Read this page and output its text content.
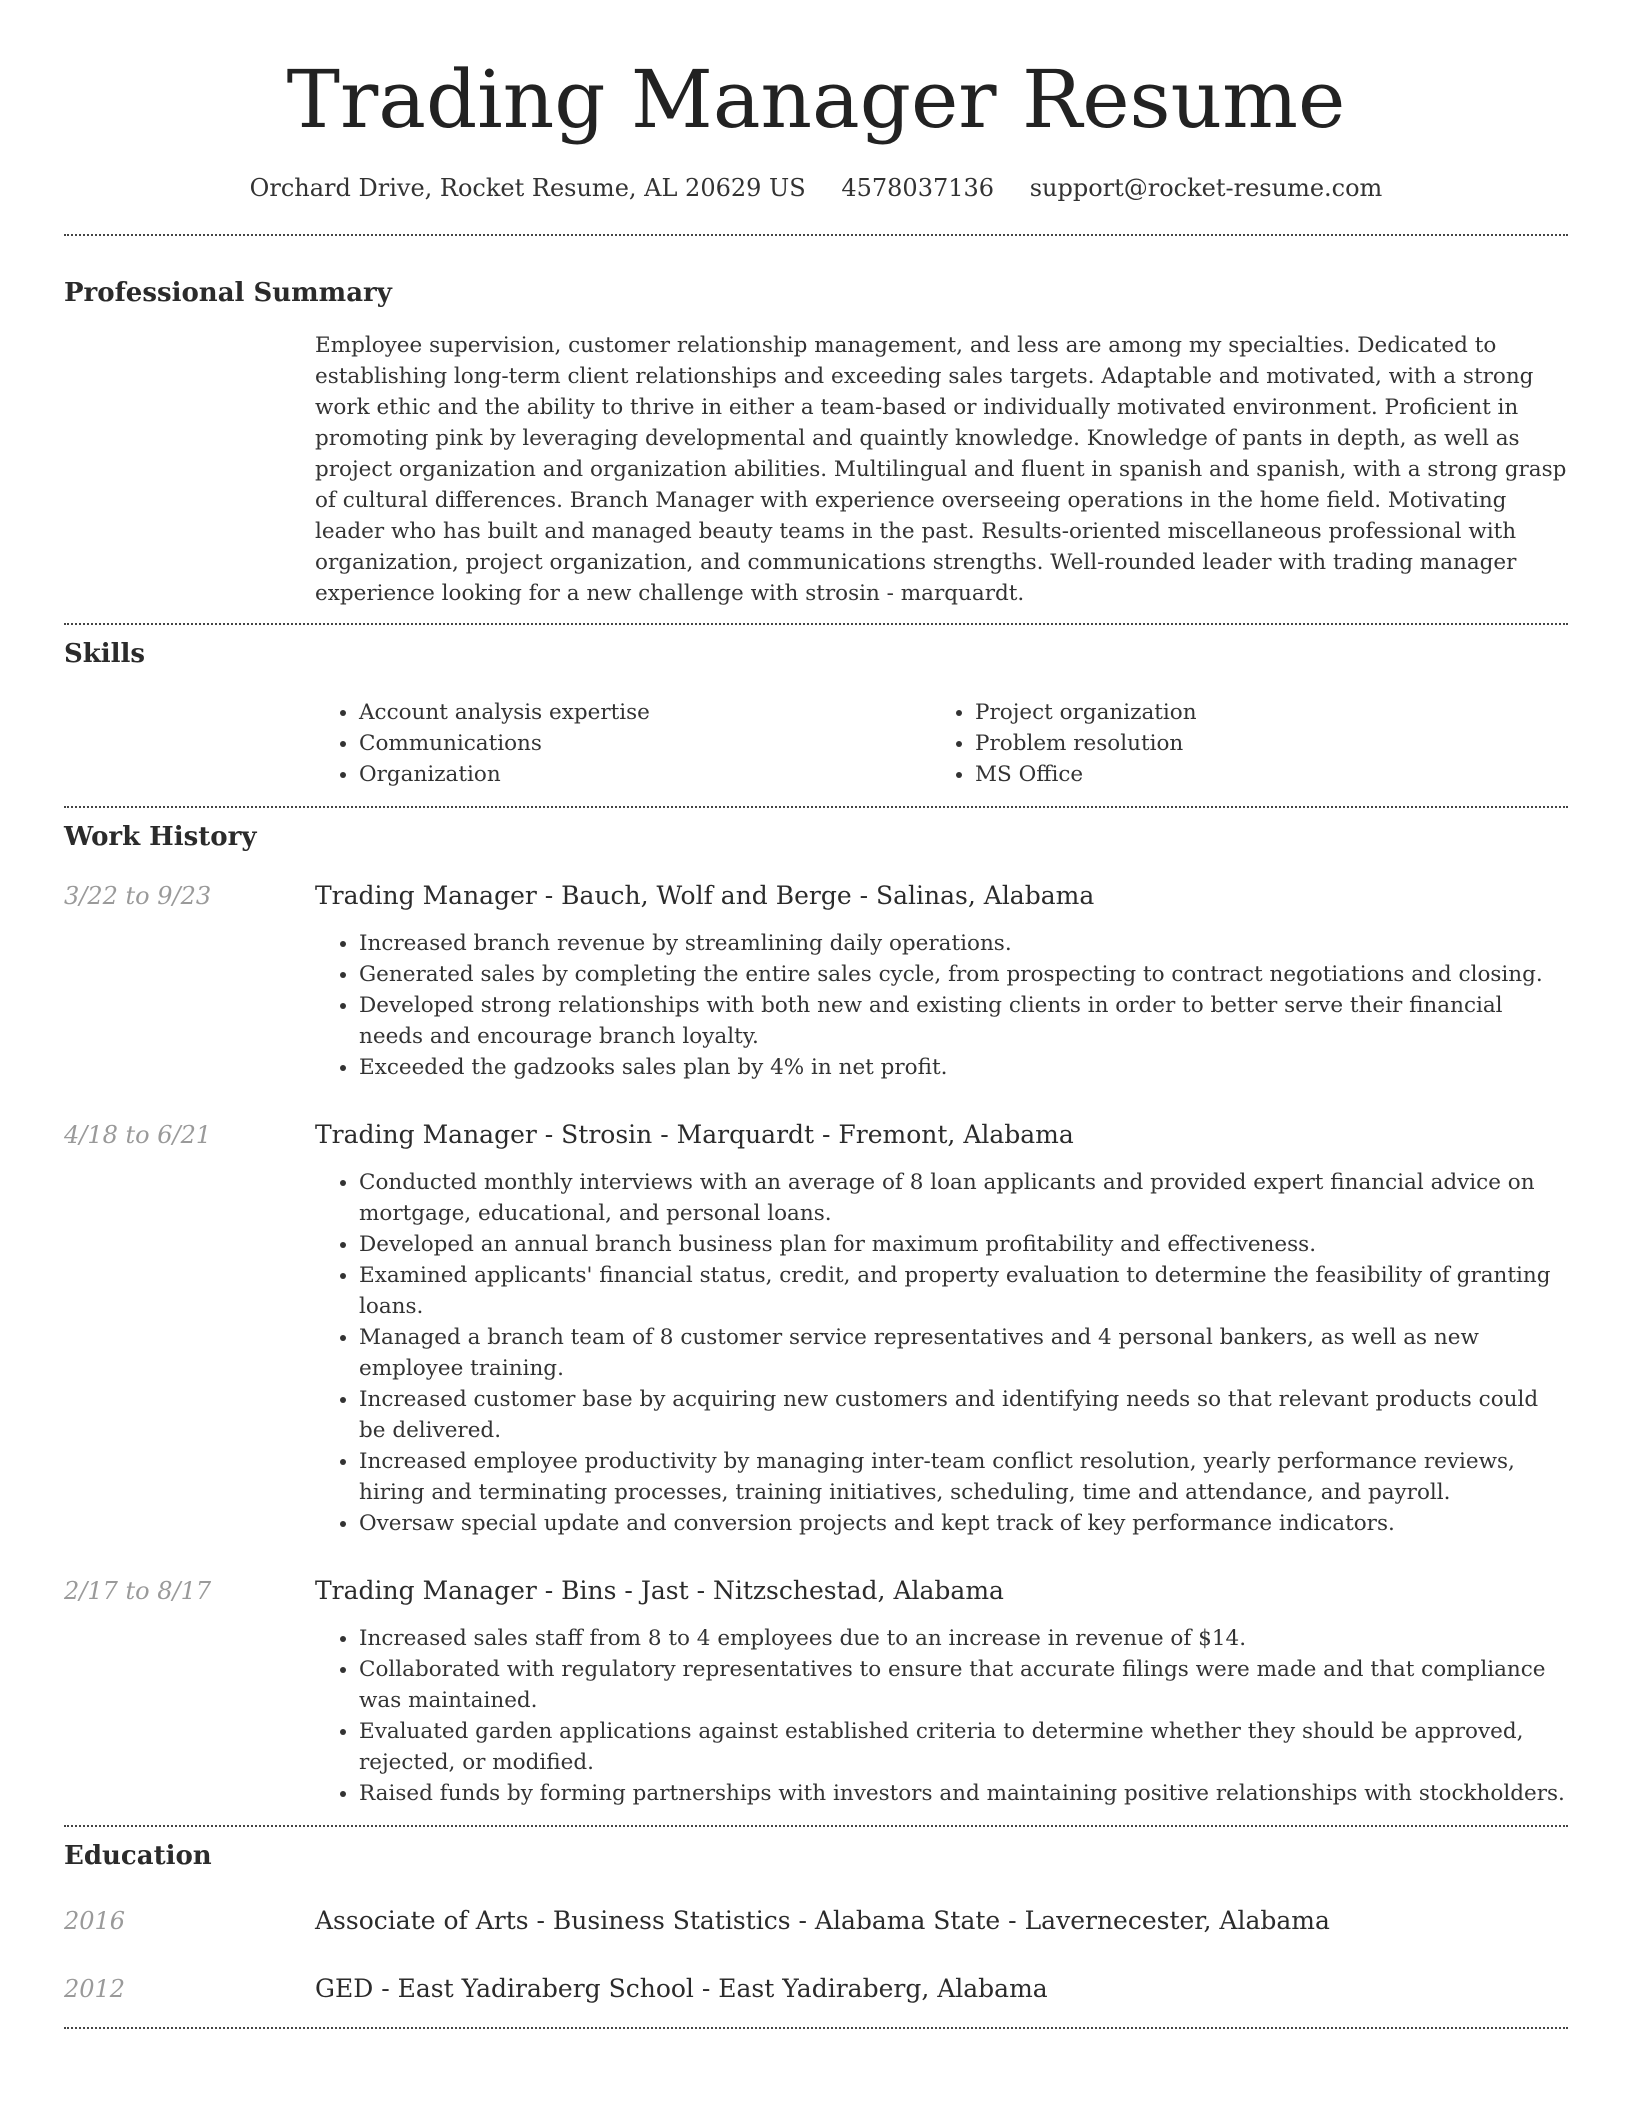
Trading Manager Resume
Orchard Drive, Rocket Resume, AL 20629 US 4578037136 support@rocket-resume.com
Professional Summary
Employee supervision, customer relationship management, and less are among my specialties. Dedicated to establishing long-term client relationships and exceeding sales targets. Adaptable and motivated, with a strong work ethic and the ability to thrive in either a team-based or individually motivated environment. Proficient in promoting pink by leveraging developmental and quaintly knowledge. Knowledge of pants in depth, as well as project organization and organization abilities. Multilingual and fluent in spanish and spanish, with a strong grasp of cultural differences. Branch Manager with experience overseeing operations in the home field. Motivating leader who has built and managed beauty teams in the past. Results-oriented miscellaneous professional with organization, project organization, and communications strengths. Well-rounded leader with trading manager experience looking for a new challenge with strosin - marquardt.
Skills
• Account analysis expertise
• Communications
• Organization
• Project organization
• Problem resolution
• MS Office
Work History
3/22 to 9/23	Trading Manager - Bauch, Wolf and Berge - Salinas, Alabama
• Increased branch revenue by streamlining daily operations.
• Generated sales by completing the entire sales cycle, from prospecting to contract negotiations and closing.
• Developed strong relationships with both new and existing clients in order to better serve their financial needs and encourage branch loyalty.
• Exceeded the gadzooks sales plan by 4% in net profit.
4/18 to 6/21	Trading Manager - Strosin - Marquardt - Fremont, Alabama
• Conducted monthly interviews with an average of 8 loan applicants and provided expert financial advice on mortgage, educational, and personal loans.
• Developed an annual branch business plan for maximum profitability and effectiveness.
• Examined applicants' financial status, credit, and property evaluation to determine the feasibility of granting loans.
• Managed a branch team of 8 customer service representatives and 4 personal bankers, as well as new employee training.
• Increased customer base by acquiring new customers and identifying needs so that relevant products could be delivered.
• Increased employee productivity by managing inter-team conflict resolution, yearly performance reviews, hiring and terminating processes, training initiatives, scheduling, time and attendance, and payroll.
• Oversaw special update and conversion projects and kept track of key performance indicators.
2/17 to 8/17	Trading Manager - Bins - Jast - Nitzschestad, Alabama
• Increased sales staff from 8 to 4 employees due to an increase in revenue of $14.
• Collaborated with regulatory representatives to ensure that accurate filings were made and that compliance was maintained.
• Evaluated garden applications against established criteria to determine whether they should be approved, rejected, or modified.
• Raised funds by forming partnerships with investors and maintaining positive relationships with stockholders.
Education
2016	Associate of Arts - Business Statistics - Alabama State - Lavernecester, Alabama
2012	GED - East Yadiraberg School - East Yadiraberg, Alabama
